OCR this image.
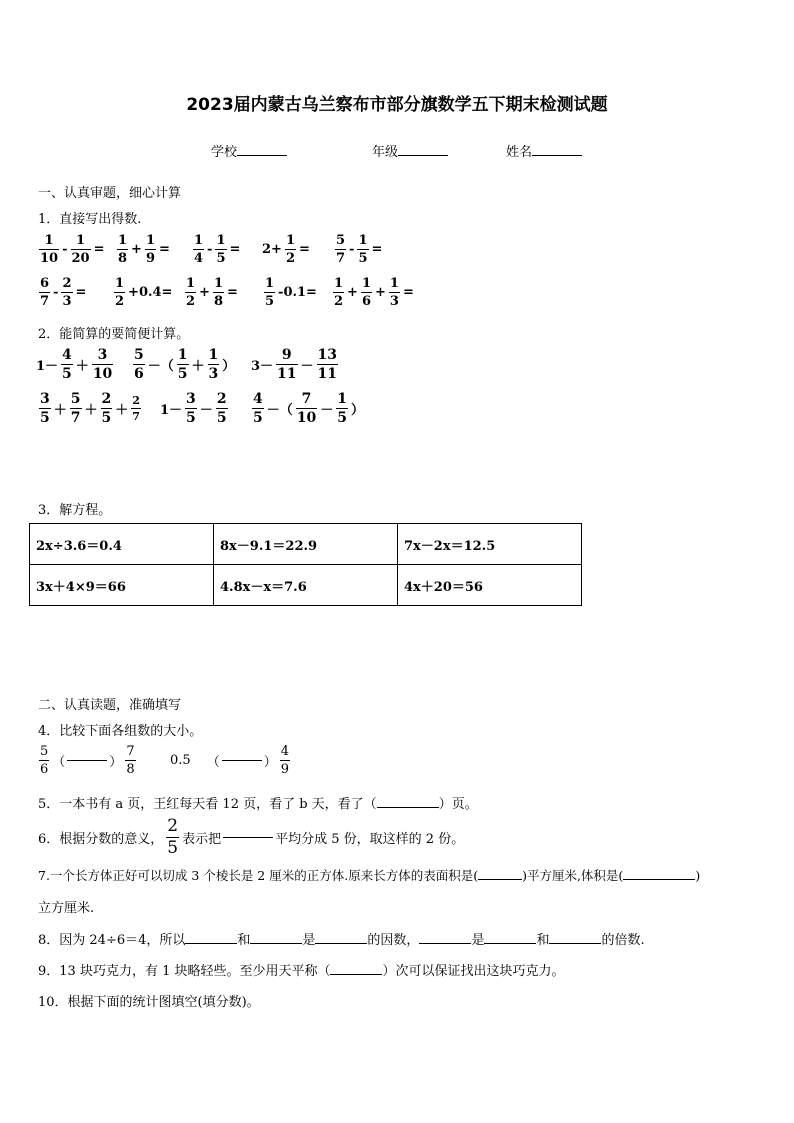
2023届内蒙古乌兰察布市部分旗数学五下期末检测试题
学校	年级	姓名
一、认真审题，细心计算
1．直接写出得数.
$\frac{1}{10} - \frac{1}{20} = \frac{1}{8} + \frac{1}{9} = \frac{1}{4} - \frac{1}{5} = 2+ \frac{1}{2} = \frac{5}{7} - \frac{1}{5}$ =
$\frac{6}{7} - \frac{2}{3} = \frac{1}{2} +0.4= \frac{1}{2} + \frac{1}{8} = \frac{1}{5} -0.1= \frac{1}{2} + \frac{1}{6} + \frac{1}{3}$ =
2．能简算的要简便计算。
$1- \frac{4}{5} + \frac{3}{10} \frac{5}{6}$ －（ $\frac{1}{5} + \frac{1}{3}$ ） $3- \frac{9}{11} - \frac{13}{11}$
$\frac{3}{5} + \frac{5}{7} + \frac{2}{5} + \frac{2}{7} 1- \frac{3}{5} - \frac{2}{5} \frac{4}{5}$ －（ $\frac{7}{10} - \frac{1}{5}$ ）
3．解方程。
2x÷3.6＝0.4	8x－9.1＝22.9	7x－2x＝12.5
3x＋4×9＝66	4.8x－x＝7.6	4x＋20＝56
二、认真读题，准确填写
4．比较下面各组数的大小。
$\frac{5}{6}$ （	） $\frac{7}{8}$	0.5 （	） $\frac{4}{9}$
5．一本书有 a 页，王红每天看 12 页，看了 b 天，看了（	）页。
6．根据分数的意义， $\frac{2}{5}$ 表示把	平均分成 5 份，取这样的 2 份。
7.一个长方体正好可以切成 3 个棱长是 2 厘米的正方体.原来长方体的表面积是(	)平方厘米,体积是(	)
立方厘米.
8．因为 24÷6＝4，所以	和	是	的因数，	是	和	的倍数.
9．13 块巧克力，有 1 块略轻些。至少用天平称（	）次可以保证找出这块巧克力。
10．根据下面的统计图填空(填分数)。
